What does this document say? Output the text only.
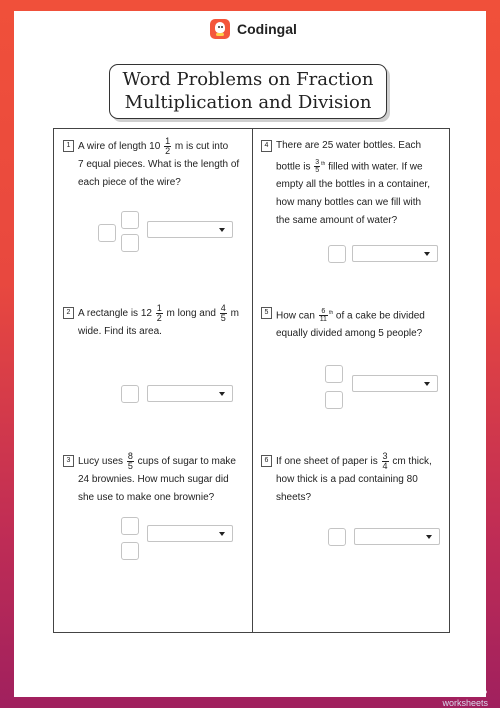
Codingal
Word Problems on Fraction
Multiplication and Division
1 A wire of length $10 \frac{1}{2}$ m is cut into
7 equal pieces. What is the length of
each piece of the wire?
2 A rectangle is $12 \frac{1}{2}$ m long and $\frac{4}{5}$ m
wide. Find its area.
3 Lucy uses $\frac{8}{5}$ cups of sugar to make
24 brownies. How much sugar did
she use to make one brownie?
4 There are 25 water bottles. Each
bottle is $\frac{3}{5} ^{th}$ filled with water. If we
empty all the bottles in a container,
how many bottles can we fill with
the same amount of water?
5 How can $\frac{6}{11} ^{th}$ of a cake be divided
equally divided among 5 people?
6 If one sheet of paper is $\frac{3}{4}$ cm thick,
how thick is a pad containing 80
sheets?
TOP
worksheets
